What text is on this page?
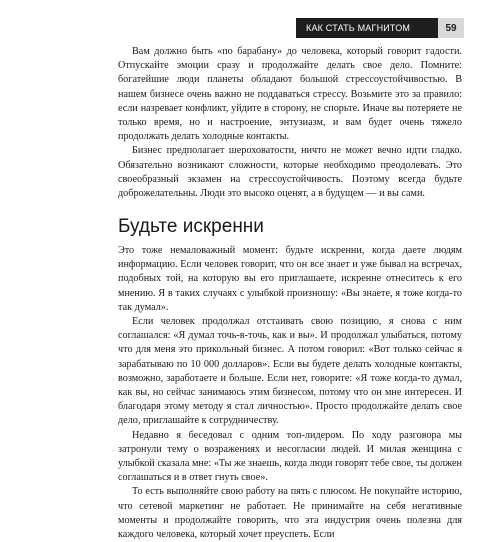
КАК СТАТЬ МАГНИТОМ	59

Вам должно быть «по барабану» до человека, который говорит гадости. Отпускайте эмоции сразу и продолжайте делать свое дело. Помните: богатейшие люди планеты обладают большой стрессоустойчивостью. В нашем бизнесе очень важно не поддаваться стрессу. Возьмите это за правило: если назревает конфликт, уйдите в сторону, не спорьте. Иначе вы потеряете не только время, но и настроение, энтузиазм, и вам будет очень тяжело продолжать делать холодные контакты.

Бизнес предполагает шероховатости, ничто не может вечно идти гладко. Обязательно возникают сложности, которые необходимо преодолевать. Это своеобразный экзамен на стрессоустойчивость. Поэтому всегда будьте доброжелательны. Люди это высоко оценят, а в будущем — и вы сами.

Будьте искренни

Это тоже немаловажный момент: будьте искренни, когда даете людям информацию. Если человек говорит, что он все знает и уже бывал на встречах, подобных той, на которую вы его приглашаете, искренне отнеситесь к его мнению. Я в таких случаях с улыбкой произношу: «Вы знаете, я тоже когда-то так думал».

Если человек продолжал отстаивать свою позицию, я снова с ним соглашался: «Я думал точь-в-точь, как и вы». И продолжал улыбаться, потому что для меня это прикольный бизнес. А потом говорил: «Вот только сейчас я зарабатываю по 10 000 долларов». Если вы будете делать холодные контакты, возможно, заработаете и больше. Если нет, говорите: «Я тоже когда-то думал, как вы, но сейчас занимаюсь этим бизнесом, потому что он мне интересен. И благодаря этому методу я стал личностью». Просто продолжайте делать свое дело, приглашайте к сотрудничеству.

Недавно я беседовал с одним топ-лидером. По ходу разговора мы затронули тему о возражениях и несогласии людей. И милая женщина с улыбкой сказала мне: «Ты же знаешь, когда люди говорят тебе свое, ты должен соглашаться и в ответ гнуть свое».

То есть выполняйте свою работу на пять с плюсом. Не покупайте историю, что сетевой маркетинг не работает. Не принимайте на себя негативные моменты и продолжайте говорить, что эта индустрия очень полезна для каждого человека, который хочет преуспеть. Если
